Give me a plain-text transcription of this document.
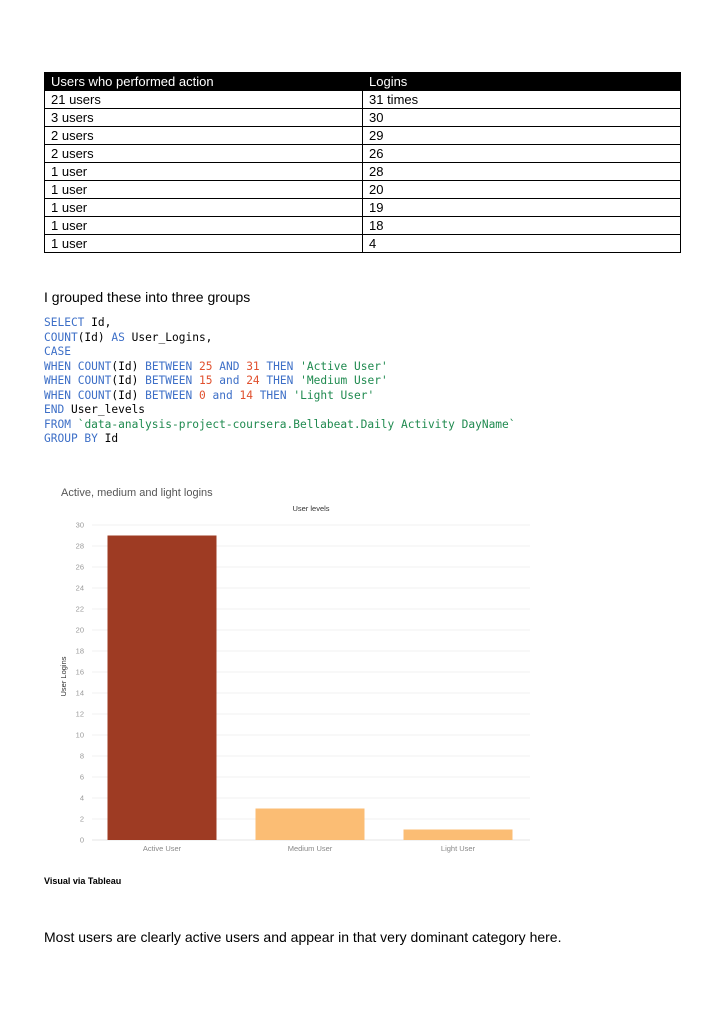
Users who performed action	Logins
21 users	31 times
3 users	30
2 users	29
2 users	26
1 user	28
1 user	20
1 user	19
1 user	18
1 user	4
I grouped these into three groups
SELECT Id,
COUNT(Id) AS User_Logins,
CASE
WHEN COUNT(Id) BETWEEN 25 AND 31 THEN 'Active User'
WHEN COUNT(Id) BETWEEN 15 and 24 THEN 'Medium User'
WHEN COUNT(Id) BETWEEN 0 and 14 THEN 'Light User'
END User_levels
FROM `data-analysis-project-coursera.Bellabeat.Daily Activity DayName`
GROUP BY Id
User levels
0
2
4
6
8
10
12
14
16
18
20
22
24
26
28
30
User Logins
Active User	Medium User	Light User
Active, medium and light logins
Visual via Tableau
Most users are clearly active users and appear in that very dominant category here.
